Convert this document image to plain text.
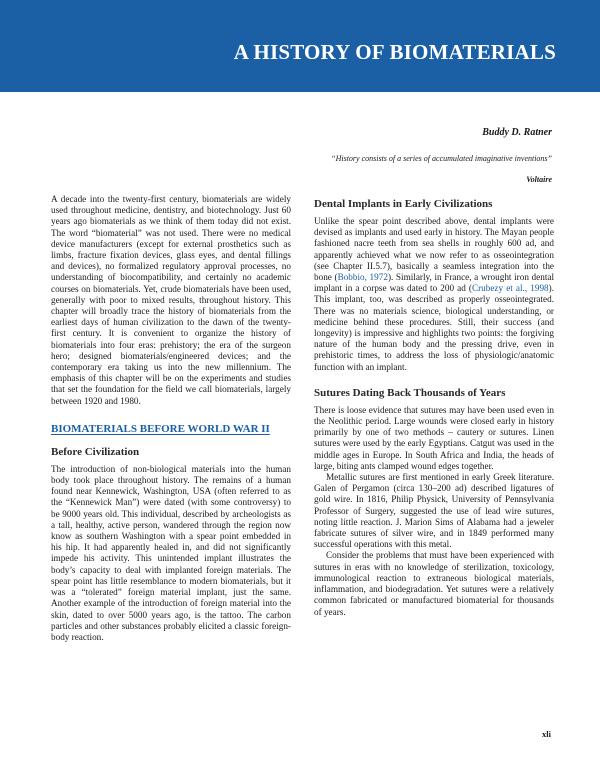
A HISTORY OF BIOMATERIALS

Buddy D. Ratner

“History consists of a series of accumulated imaginative inventions”

Voltaire

A decade into the twenty-first century, biomaterials are widely used throughout medicine, dentistry, and biotechnology. Just 60 years ago biomaterials as we think of them today did not exist. The word “biomaterial” was not used. There were no medical device manufacturers (except for external prosthetics such as limbs, fracture fixation devices, glass eyes, and dental fillings and devices), no formalized regulatory approval processes, no understanding of biocompatibility, and certainly no academic courses on biomaterials. Yet, crude biomaterials have been used, generally with poor to mixed results, throughout history. This chapter will broadly trace the history of biomaterials from the earliest days of human civilization to the dawn of the twenty-first century. It is convenient to organize the history of biomaterials into four eras: prehistory; the era of the surgeon hero; designed biomaterials/engineered devices; and the contemporary era taking us into the new millennium. The emphasis of this chapter will be on the experiments and studies that set the foundation for the field we call biomaterials, largely between 1920 and 1980.

BIOMATERIALS BEFORE WORLD WAR II
Before Civilization

The introduction of non-biological materials into the human body took place throughout history. The remains of a human found near Kennewick, Washington, USA (often referred to as the “Kennewick Man”) were dated (with some controversy) to be 9000 years old. This individual, described by archeologists as a tall, healthy, active person, wandered through the region now know as southern Washington with a spear point embedded in his hip. It had apparently healed in, and did not significantly impede his activity. This unintended implant illustrates the body’s capacity to deal with implanted foreign materials. The spear point has little resemblance to modern biomaterials, but it was a “tolerated” foreign material implant, just the same. Another example of the introduction of foreign material into the skin, dated to over 5000 years ago, is the tattoo. The carbon particles and other substances probably elicited a classic foreign-body reaction.

Dental Implants in Early Civilizations

Unlike the spear point described above, dental implants were devised as implants and used early in history. The Mayan people fashioned nacre teeth from sea shells in roughly 600 ad, and apparently achieved what we now refer to as osseointegration (see Chapter II.5.7), basically a seamless integration into the bone (Bobbio, 1972). Similarly, in France, a wrought iron dental implant in a corpse was dated to 200 ad (Crubezy et al., 1998). This implant, too, was described as properly osseointegrated. There was no materials science, biological understanding, or medicine behind these procedures. Still, their success (and longevity) is impressive and highlights two points: the forgiving nature of the human body and the pressing drive, even in prehistoric times, to address the loss of physiologic/anatomic function with an implant.

Sutures Dating Back Thousands of Years

There is loose evidence that sutures may have been used even in the Neolithic period. Large wounds were closed early in history primarily by one of two methods – cautery or sutures. Linen sutures were used by the early Egyptians. Catgut was used in the middle ages in Europe. In South Africa and India, the heads of large, biting ants clamped wound edges together.

Metallic sutures are first mentioned in early Greek literature. Galen of Pergamon (circa 130–200 ad) described ligatures of gold wire. In 1816, Philip Physick, University of Pennsylvania Professor of Surgery, suggested the use of lead wire sutures, noting little reaction. J. Marion Sims of Alabama had a jeweler fabricate sutures of silver wire, and in 1849 performed many successful operations with this metal.

Consider the problems that must have been experienced with sutures in eras with no knowledge of sterilization, toxicology, immunological reaction to extraneous biological materials, inflammation, and biodegradation. Yet sutures were a relatively common fabricated or manufactured biomaterial for thousands of years.

xli
